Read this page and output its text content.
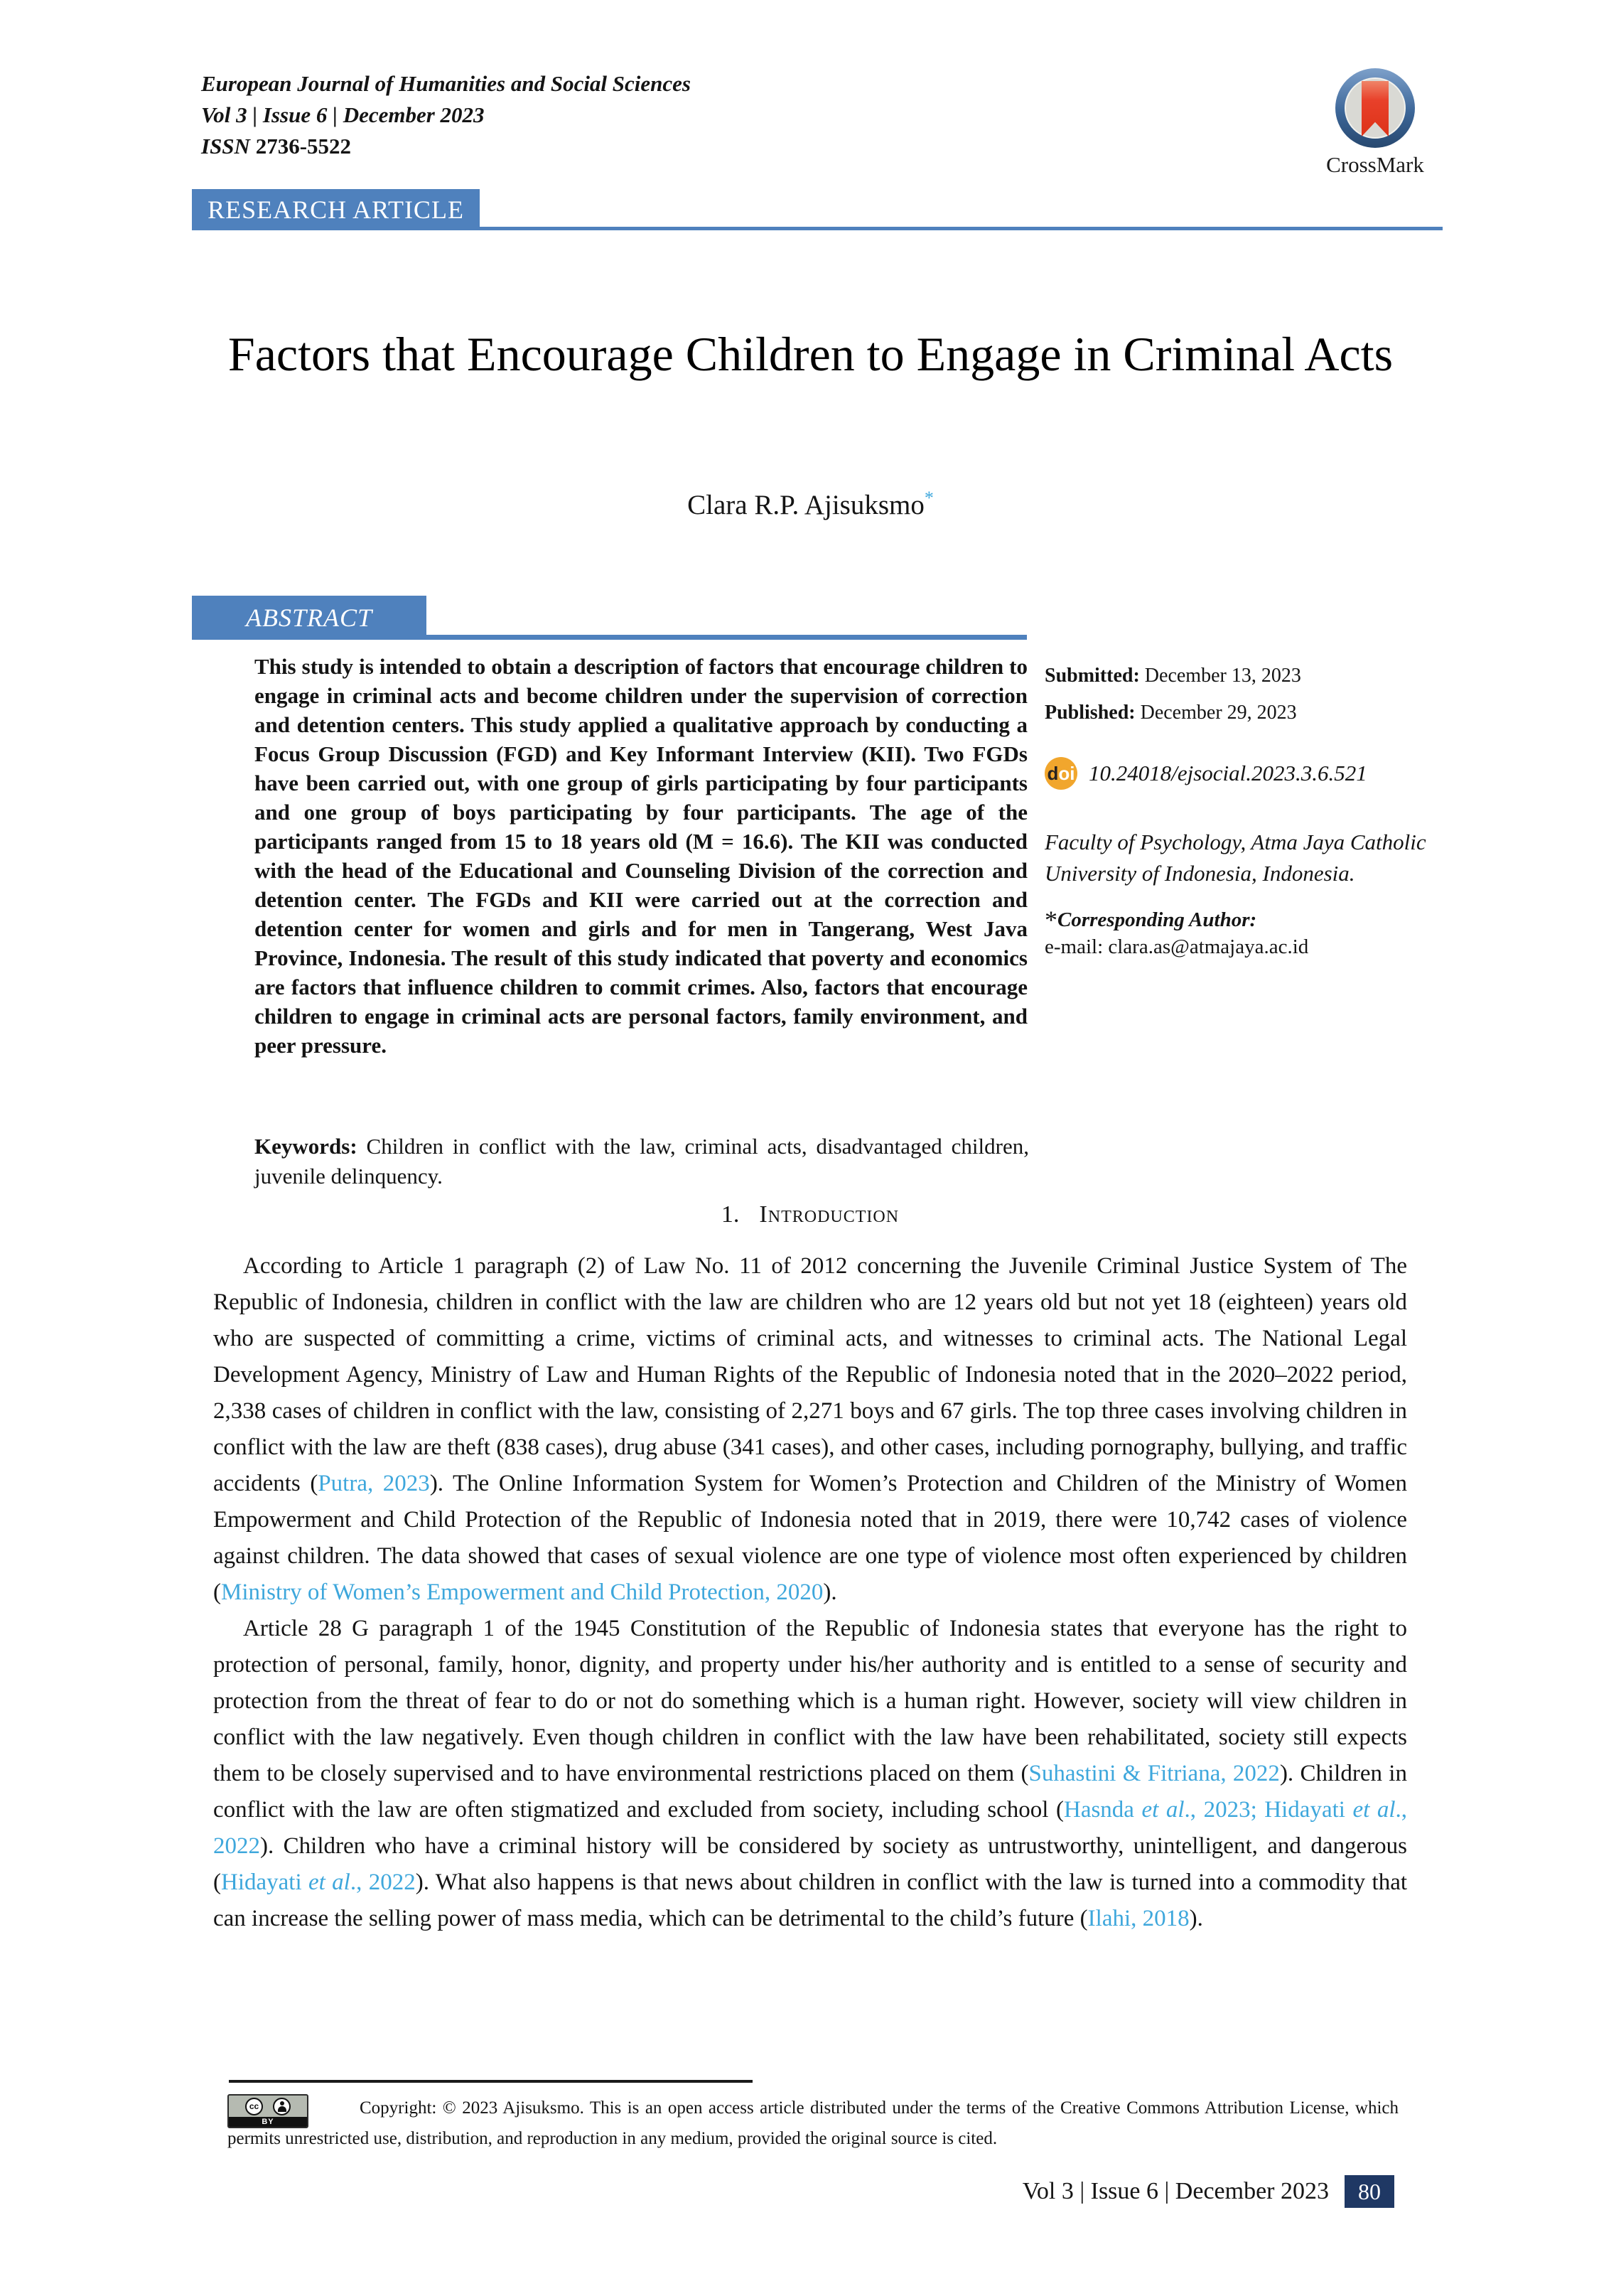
European Journal of Humanities and Social Sciences
Vol 3 | Issue 6 | December 2023
ISSN 2736-5522
CrossMark
RESEARCH ARTICLE
Factors that Encourage Children to Engage in Criminal Acts
Clara R.P. Ajisuksmo*
ABSTRACT
This study is intended to obtain a description of factors that encourage children to engage in criminal acts and become children under the supervision of correction and detention centers. This study applied a qualitative approach by conducting a Focus Group Discussion (FGD) and Key Informant Interview (KII). Two FGDs have been carried out, with one group of girls participating by four participants and one group of boys participating by four participants. The age of the participants ranged from 15 to 18 years old (M = 16.6). The KII was conducted with the head of the Educational and Counseling Division of the correction and detention center. The FGDs and KII were carried out at the correction and detention center for women and girls and for men in Tangerang, West Java Province, Indonesia. The result of this study indicated that poverty and economics are factors that influence children to commit crimes. Also, factors that encourage children to engage in criminal acts are personal factors, family environment, and peer pressure.
Keywords: Children in conflict with the law, criminal acts, disadvantaged children, juvenile delinquency.
Submitted: December 13, 2023
Published: December 29, 2023
d oi 10.24018/ejsocial.2023.3.6.521
Faculty of Psychology, Atma Jaya Catholic University of Indonesia, Indonesia.
*Corresponding Author:
e-mail: clara.as@atmajaya.ac.id
1. Introduction

According to Article 1 paragraph (2) of Law No. 11 of 2012 concerning the Juvenile Criminal Justice System of The Republic of Indonesia, children in conflict with the law are children who are 12 years old but not yet 18 (eighteen) years old who are suspected of committing a crime, victims of criminal acts, and witnesses to criminal acts. The National Legal Development Agency, Ministry of Law and Human Rights of the Republic of Indonesia noted that in the 2020–2022 period, 2,338 cases of children in conflict with the law, consisting of 2,271 boys and 67 girls. The top three cases involving children in conflict with the law are theft (838 cases), drug abuse (341 cases), and other cases, including pornography, bullying, and traffic accidents (Putra, 2023). The Online Information System for Women’s Protection and Children of the Ministry of Women Empowerment and Child Protection of the Republic of Indonesia noted that in 2019, there were 10,742 cases of violence against children. The data showed that cases of sexual violence are one type of violence most often experienced by children (Ministry of Women’s Empowerment and Child Protection, 2020).

Article 28 G paragraph 1 of the 1945 Constitution of the Republic of Indonesia states that everyone has the right to protection of personal, family, honor, dignity, and property under his/her authority and is entitled to a sense of security and protection from the threat of fear to do or not do something which is a human right. However, society will view children in conflict with the law negatively. Even though children in conflict with the law have been rehabilitated, society still expects them to be closely supervised and to have environmental restrictions placed on them (Suhastini & Fitriana, 2022). Children in conflict with the law are often stigmatized and excluded from society, including school (Hasnda et al., 2023; Hidayati et al., 2022). Children who have a criminal history will be considered by society as untrustworthy, unintelligent, and dangerous (Hidayati et al., 2022). What also happens is that news about children in conflict with the law is turned into a commodity that can increase the selling power of mass media, which can be detrimental to the child’s future (Ilahi, 2018).

cc
BY
Copyright: © 2023 Ajisuksmo. This is an open access article distributed under the terms of the Creative Commons Attribution License, which permits unrestricted use, distribution, and reproduction in any medium, provided the original source is cited.
Vol 3 | Issue 6 | December 2023	80
